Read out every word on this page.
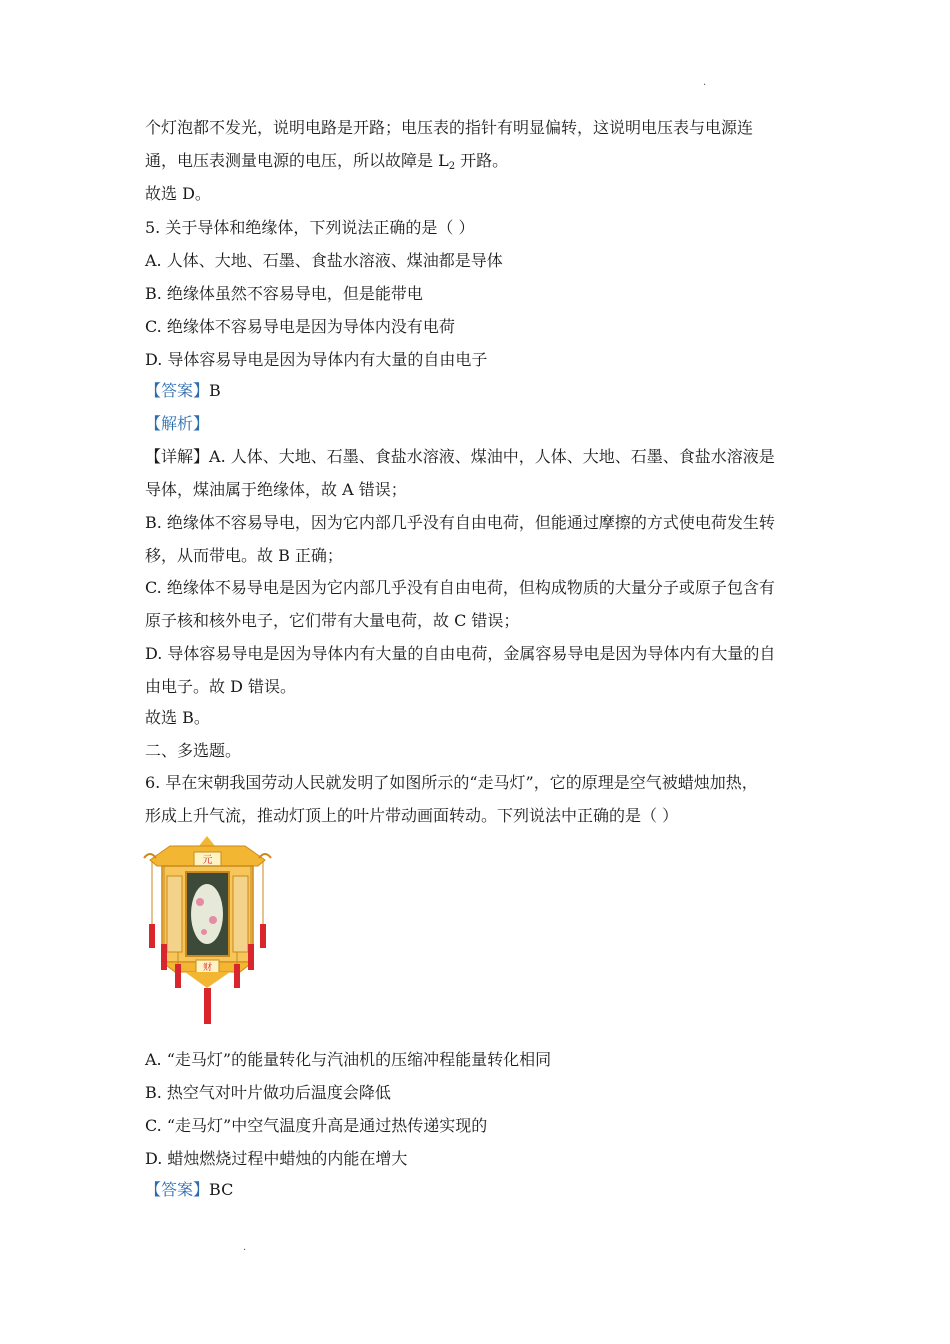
·
个灯泡都不发光，说明电路是开路；电压表的指针有明显偏转，这说明电压表与电源连
通，电压表测量电源的电压，所以故障是 $L_2$ 开路。
故选 D。
5. 关于导体和绝缘体，下列说法正确的是（ ）
A. 人体、大地、石墨、食盐水溶液、煤油都是导体
B. 绝缘体虽然不容易导电，但是能带电
C. 绝缘体不容易导电是因为导体内没有电荷
D. 导体容易导电是因为导体内有大量的自由电子
【答案】B
【解析】
【详解】A. 人体、大地、石墨、食盐水溶液、煤油中，人体、大地、石墨、食盐水溶液是
导体，煤油属于绝缘体，故 A 错误；
B. 绝缘体不容易导电，因为它内部几乎没有自由电荷，但能通过摩擦的方式使电荷发生转
移，从而带电。故 B 正确；
C. 绝缘体不易导电是因为它内部几乎没有自由电荷，但构成物质的大量分子或原子包含有
原子核和核外电子，它们带有大量电荷，故 C 错误；
D. 导体容易导电是因为导体内有大量的自由电荷，金属容易导电是因为导体内有大量的自
由电子。故 D 错误。
故选 B。
二、多选题。
6. 早在宋朝我国劳动人民就发明了如图所示的“走马灯”，它的原理是空气被蜡烛加热，
形成上升气流，推动灯顶上的叶片带动画面转动。下列说法中正确的是（ ）
元
财
A. “走马灯”的能量转化与汽油机的压缩冲程能量转化相同
B. 热空气对叶片做功后温度会降低
C. “走马灯”中空气温度升高是通过热传递实现的
D. 蜡烛燃烧过程中蜡烛的内能在增大
【答案】BC
·
